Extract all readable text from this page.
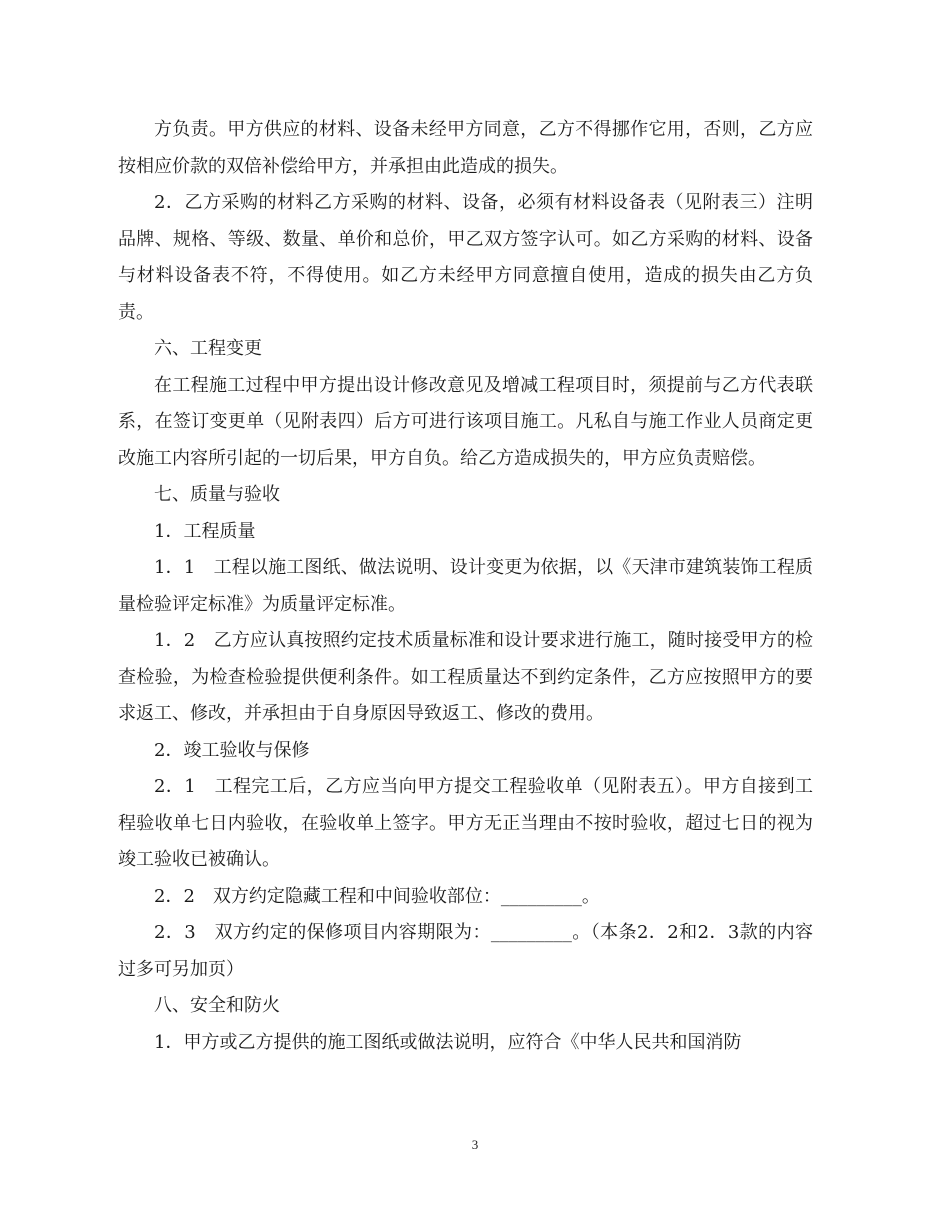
方负责。甲方供应的材料、设备未经甲方同意，乙方不得挪作它用，否则，乙方应按相应价款的双倍补偿给甲方，并承担由此造成的损失。

2．乙方采购的材料乙方采购的材料、设备，必须有材料设备表（见附表三）注明品牌、规格、等级、数量、单价和总价，甲乙双方签字认可。如乙方采购的材料、设备与材料设备表不符，不得使用。如乙方未经甲方同意擅自使用，造成的损失由乙方负责。

六、工程变更

在工程施工过程中甲方提出设计修改意见及增减工程项目时，须提前与乙方代表联系，在签订变更单（见附表四）后方可进行该项目施工。凡私自与施工作业人员商定更改施工内容所引起的一切后果，甲方自负。给乙方造成损失的，甲方应负责赔偿。

七、质量与验收

1．工程质量

1．1　工程以施工图纸、做法说明、设计变更为依据，以《天津市建筑装饰工程质量检验评定标准》为质量评定标准。

1．2　乙方应认真按照约定技术质量标准和设计要求进行施工，随时接受甲方的检查检验，为检查检验提供便利条件。如工程质量达不到约定条件，乙方应按照甲方的要求返工、修改，并承担由于自身原因导致返工、修改的费用。

2．竣工验收与保修

2．1　工程完工后，乙方应当向甲方提交工程验收单（见附表五）。甲方自接到工程验收单七日内验收，在验收单上签字。甲方无正当理由不按时验收，超过七日的视为竣工验收已被确认。

2．2　双方约定隐藏工程和中间验收部位：_________。

2．3　双方约定的保修项目内容期限为：_________。（本条2．2和2．3款的内容过多可另加页）

八、安全和防火

1．甲方或乙方提供的施工图纸或做法说明，应符合《中华人民共和国消防

3
